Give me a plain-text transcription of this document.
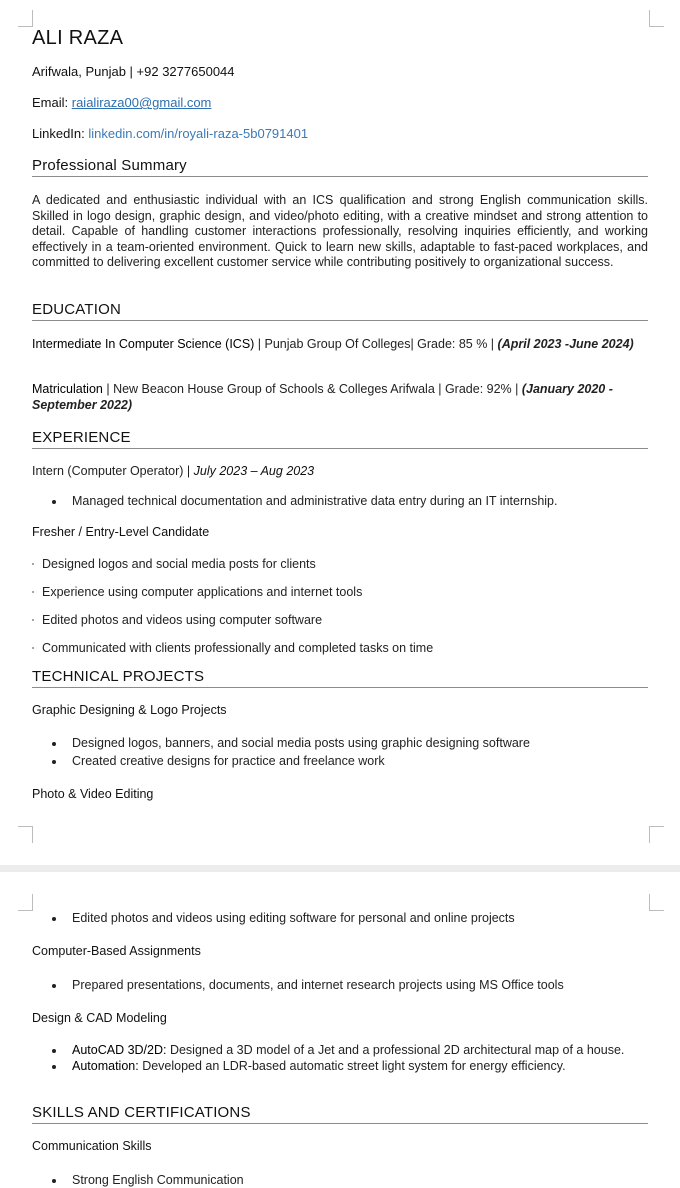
ALI RAZA
Arifwala, Punjab | +92 3277650044
Email: raialiraza00@gmail.com
LinkedIn: linkedin.com/in/royali-raza-5b0791401
Professional Summary
A dedicated and enthusiastic individual with an ICS qualification and strong English communication skills. Skilled in logo design, graphic design, and video/photo editing, with a creative mindset and strong attention to detail. Capable of handling customer interactions professionally, resolving inquiries efficiently, and working effectively in a team-oriented environment. Quick to learn new skills, adaptable to fast-paced workplaces, and committed to delivering excellent customer service while contributing positively to organizational success.
EDUCATION
Intermediate In Computer Science (ICS) | Punjab Group Of Colleges| Grade: 85 % | (April 2023 -June 2024)
Matriculation | New Beacon House Group of Schools & Colleges Arifwala | Grade: 92% | (January 2020 - September 2022)
EXPERIENCE
Intern (Computer Operator) | July 2023 – Aug 2023
Managed technical documentation and administrative data entry during an IT internship.
Fresher / Entry-Level Candidate
Designed logos and social media posts for clients
Experience using computer applications and internet tools
Edited photos and videos using computer software
Communicated with clients professionally and completed tasks on time
TECHNICAL PROJECTS
Graphic Designing & Logo Projects
Designed logos, banners, and social media posts using graphic designing software
Created creative designs for practice and freelance work
Photo & Video Editing
Edited photos and videos using editing software for personal and online projects
Computer-Based Assignments
Prepared presentations, documents, and internet research projects using MS Office tools
Design & CAD Modeling
AutoCAD 3D/2D: Designed a 3D model of a Jet and a professional 2D architectural map of a house.
Automation: Developed an LDR-based automatic street light system for energy efficiency.
SKILLS AND CERTIFICATIONS
Communication Skills
Strong English Communication
